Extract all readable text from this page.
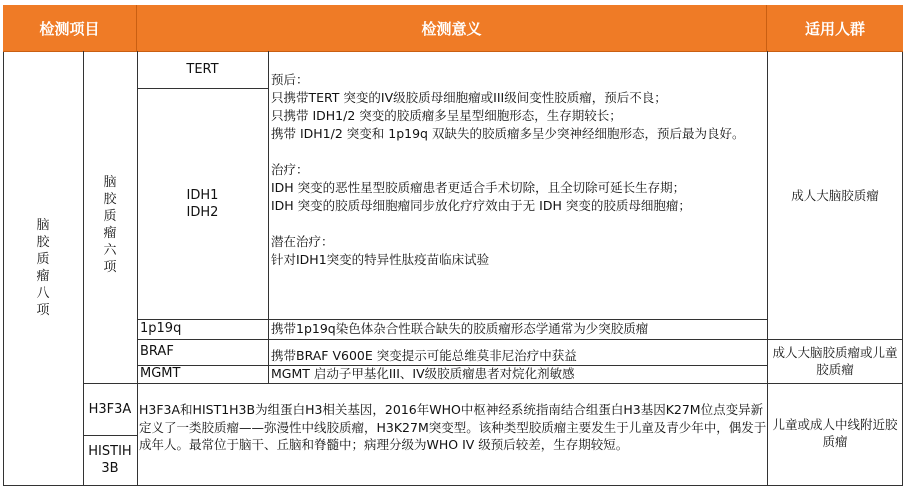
检测项目	检测意义	适用人群
脑胶质瘤八项
脑胶质瘤六项
TERT
IDH1
IDH2
1p19q
BRAF
MGMT
H3F3A
HISTIH
3B
预后：
只携带TERT 突变的IV级胶质母细胞瘤或III级间变性胶质瘤，预后不良；
只携带 IDH1/2 突变的胶质瘤多呈星型细胞形态，生存期较长；
携带 IDH1/2 突变和 1p19q 双缺失的胶质瘤多呈少突神经细胞形态，预后最为良好。

治疗：
IDH 突变的恶性星型胶质瘤患者更适合手术切除，且全切除可延长生存期；
IDH 突变的胶质母细胞瘤同步放化疗疗效由于无 IDH 突变的胶质母细胞瘤；

潜在治疗：
针对IDH1突变的特异性肽疫苗临床试验
携带1p19q染色体杂合性联合缺失的胶质瘤形态学通常为少突胶质瘤
携带BRAF V600E 突变提示可能总维莫非尼治疗中获益
MGMT 启动子甲基化III、IV级胶质瘤患者对烷化剂敏感
H3F3A和HIST1H3B为组蛋白H3相关基因，2016年WHO中枢神经系统指南结合组蛋白H3基因K27M位点变异新定义了一类胶质瘤——弥漫性中线胶质瘤，H3K27M突变型。该种类型胶质瘤主要发生于儿童及青少年中，偶发于成年人。最常位于脑干、丘脑和脊髓中；病理分级为WHO IV 级预后较差，生存期较短。
成人大脑胶质瘤
成人大脑胶质瘤或儿童胶质瘤
儿童或成人中线附近胶质瘤
